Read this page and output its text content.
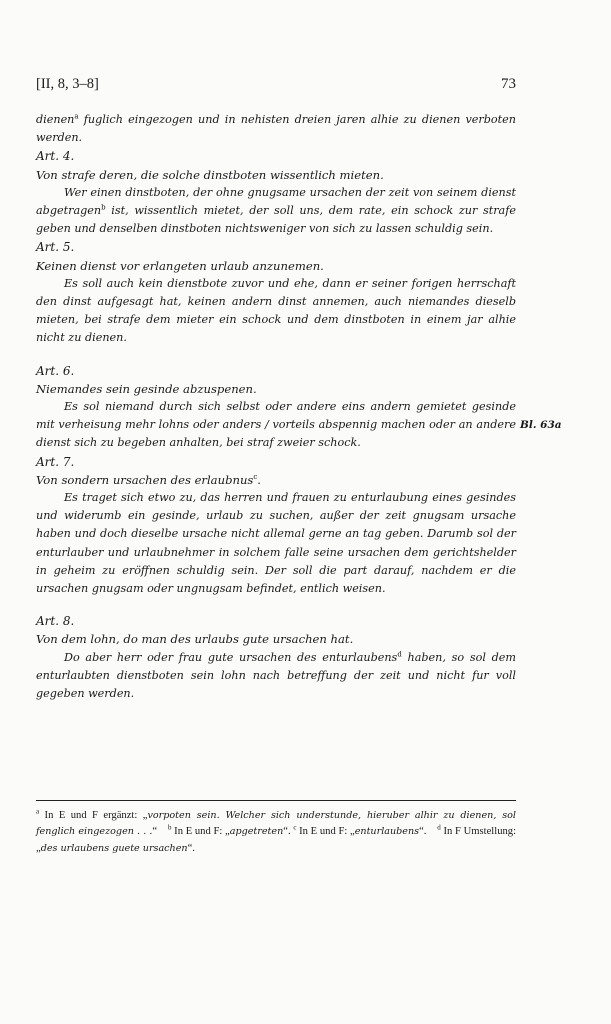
[II, 8, 3–8]	73

dienen$^a$ fuglich eingezogen und in nehisten dreien jaren alhie zu dienen verboten werden.

Art. 4.

Von strafe deren, die solche dinstboten wissentlich mieten.

Wer einen dinstboten, der ohne gnugsame ursachen der zeit von seinem dienst abgetragen$^b$ ist, wissentlich mietet, der soll uns, dem rate, ein schock zur strafe geben und denselben dinstboten nichtsweniger von sich zu lassen schuldig sein.

Art. 5.

Keinen dienst vor erlangeten urlaub anzunemen.

Es soll auch kein dienstbote zuvor und ehe, dann er seiner forigen herrschaft den dinst aufgesagt hat, keinen andern dinst annemen, auch niemandes dieselb mieten, bei strafe dem mieter ein schock und dem dinstboten in einem jar alhie nicht zu dienen.

Art. 6.

Niemandes sein gesinde abzuspenen.

Es sol niemand durch sich selbst oder andere eins andern gemietet gesinde mit verheisung mehr lohns oder anders / vorteils abspennig machen oder an andere dienst sich zu begeben anhalten, bei straf zweier schock.

Bl. 63a

Art. 7.

Von sondern ursachen des erlaubnus$^c$.

Es traget sich etwo zu, das herren und frauen zu enturlaubung eines gesindes und widerumb ein gesinde, urlaub zu suchen, außer der zeit gnugsam ursache haben und doch dieselbe ursache nicht allemal gerne an tag geben. Darumb sol der enturlauber und urlaubnehmer in solchem falle seine ursachen dem gerichtshelder in geheim zu eröffnen schuldig sein. Der soll die part darauf, nachdem er die ursachen gnugsam oder ungnugsam befindet, entlich weisen.

Art. 8.

Von dem lohn, do man des urlaubs gute ursachen hat.

Do aber herr oder frau gute ursachen des enturlaubens$^d$ haben, so sol dem enturlaubten dienstboten sein lohn nach betreffung der zeit und nicht fur voll gegeben werden.

$^a$ In E und F ergänzt: „vorpoten sein. Welcher sich understunde, hieruber alhir zu dienen, sol fenglich eingezogen . . .“ $^b$ In E und F: „apgetreten“. $^c$ In E und F: „enturlaubens“. $^d$ In F Umstellung: „des urlaubens guete ursachen“.
